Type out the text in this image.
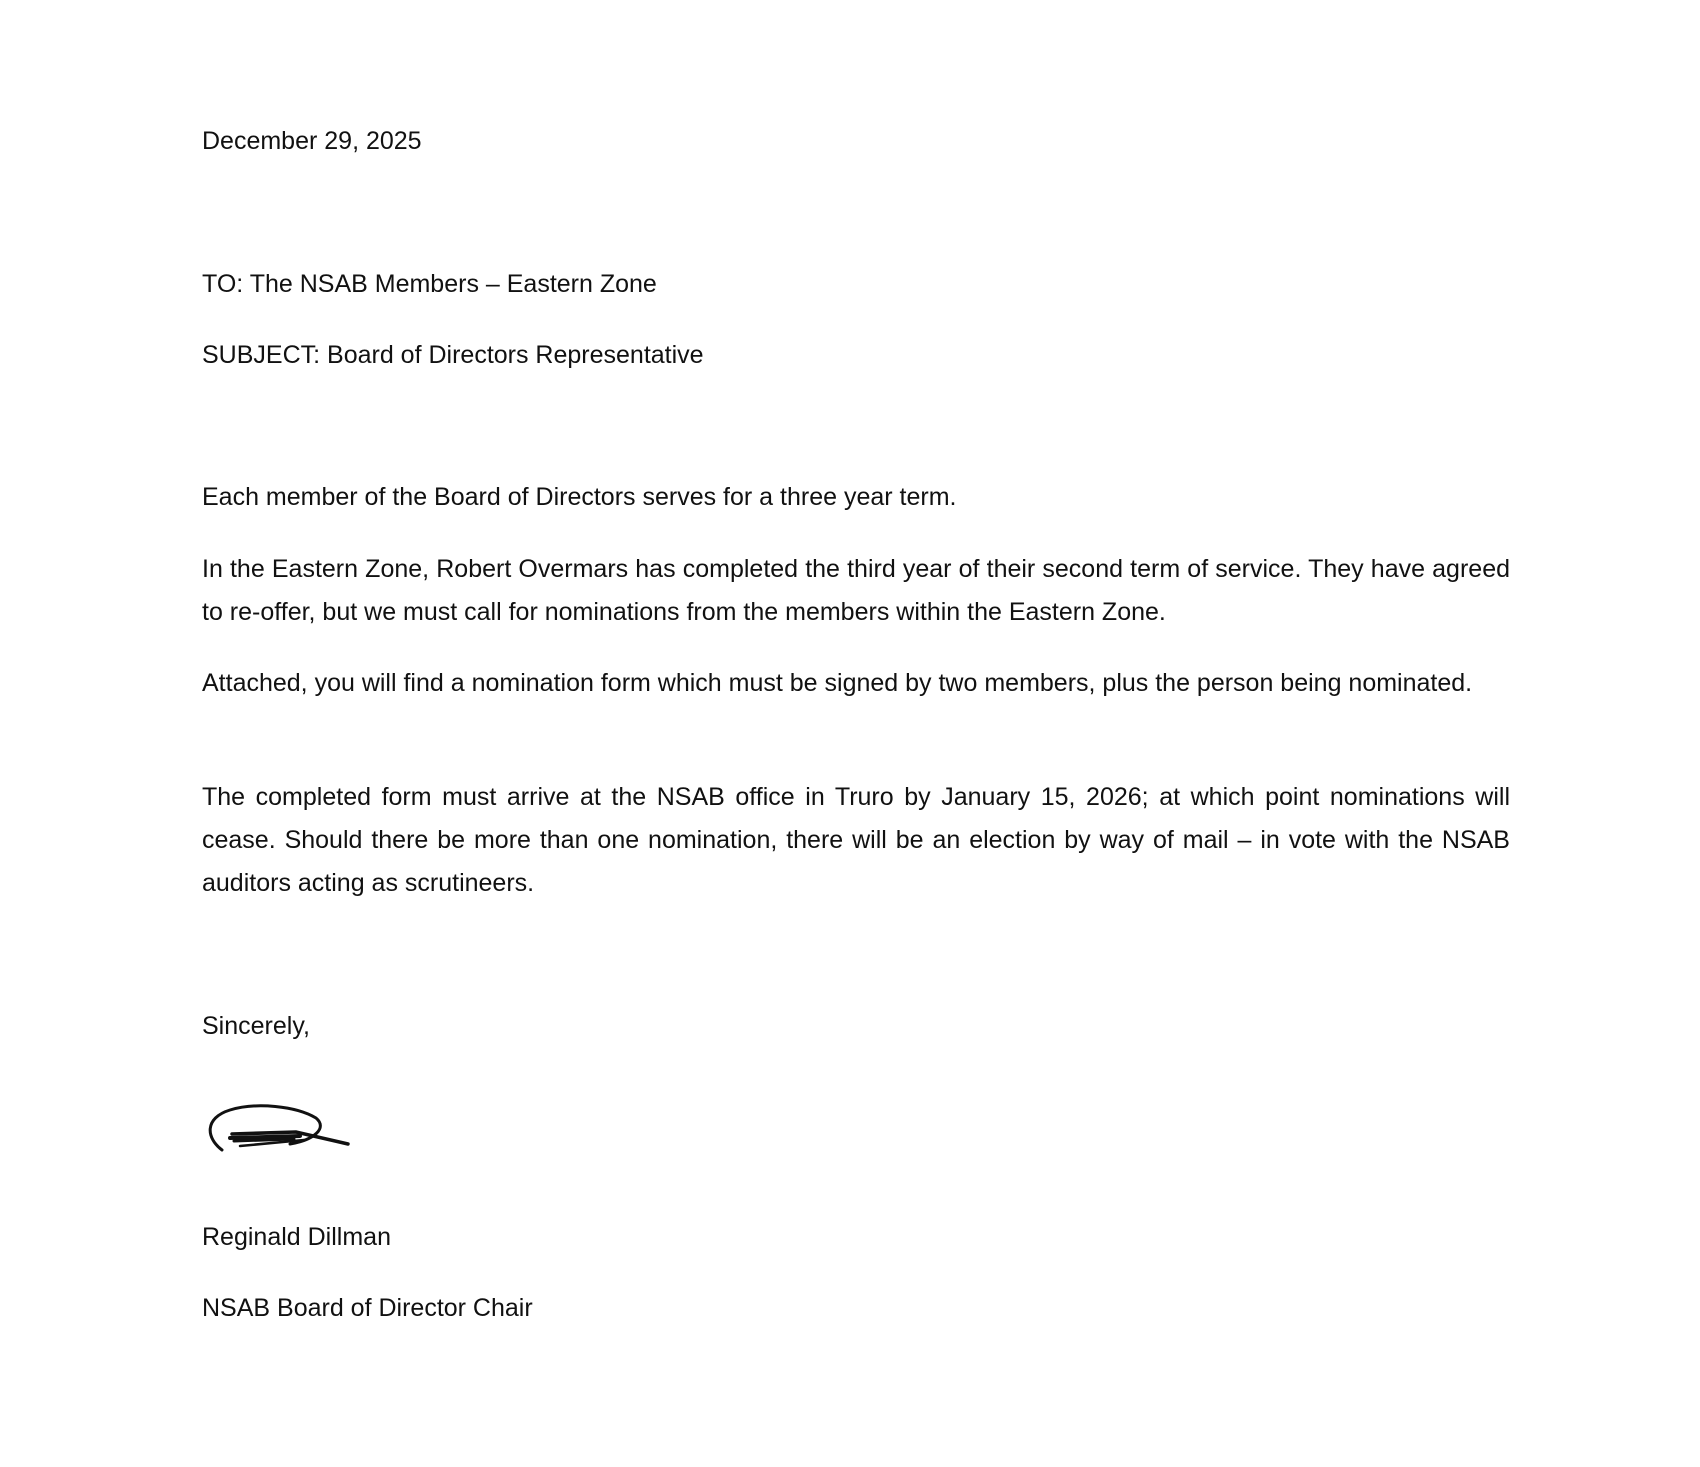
December 29, 2025
TO: The NSAB Members – Eastern Zone
SUBJECT: Board of Directors Representative
Each member of the Board of Directors serves for a three year term.
In the Eastern Zone, Robert Overmars has completed the third year of their second term of service. They have agreed to re-offer, but we must call for nominations from the members within the Eastern Zone.
Attached, you will find a nomination form which must be signed by two members, plus the person being nominated.
The completed form must arrive at the NSAB office in Truro by January 15, 2026; at which point nominations will cease. Should there be more than one nomination, there will be an election by way of mail – in vote with the NSAB auditors acting as scrutineers.
Sincerely,
Reginald Dillman
NSAB Board of Director Chair
